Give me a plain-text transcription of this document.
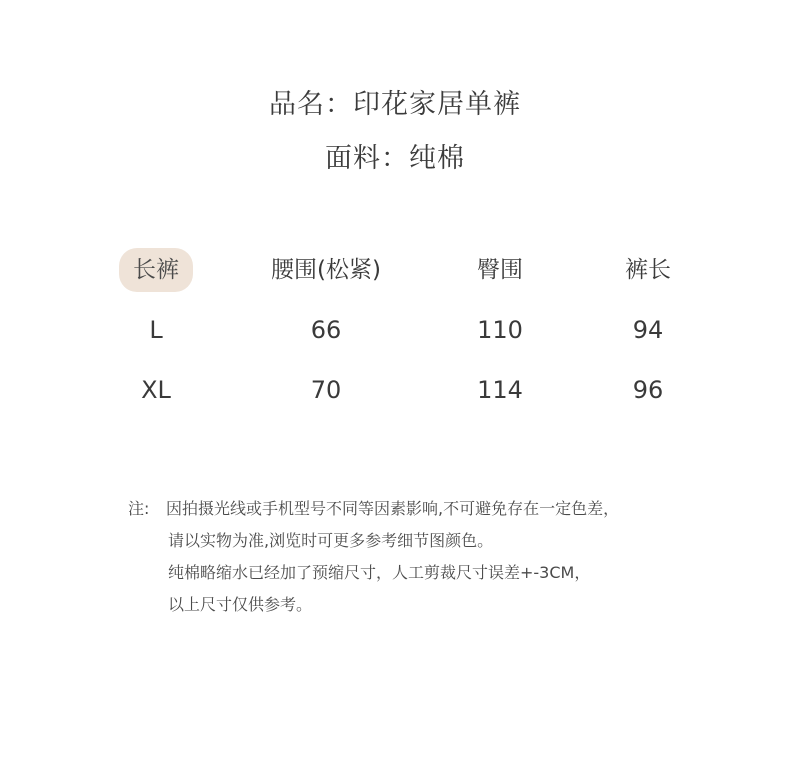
品名：印花家居单裤
面料：纯棉
长裤	腰围(松紧)	臀围	裤长
L	66	110	94
XL	70	114	96
注: 因拍摄光线或手机型号不同等因素影响,不可避免存在一定色差，
请以实物为准,浏览时可更多参考细节图颜色。
纯棉略缩水已经加了预缩尺寸，人工剪裁尺寸误差+-3CM，
以上尺寸仅供参考。
